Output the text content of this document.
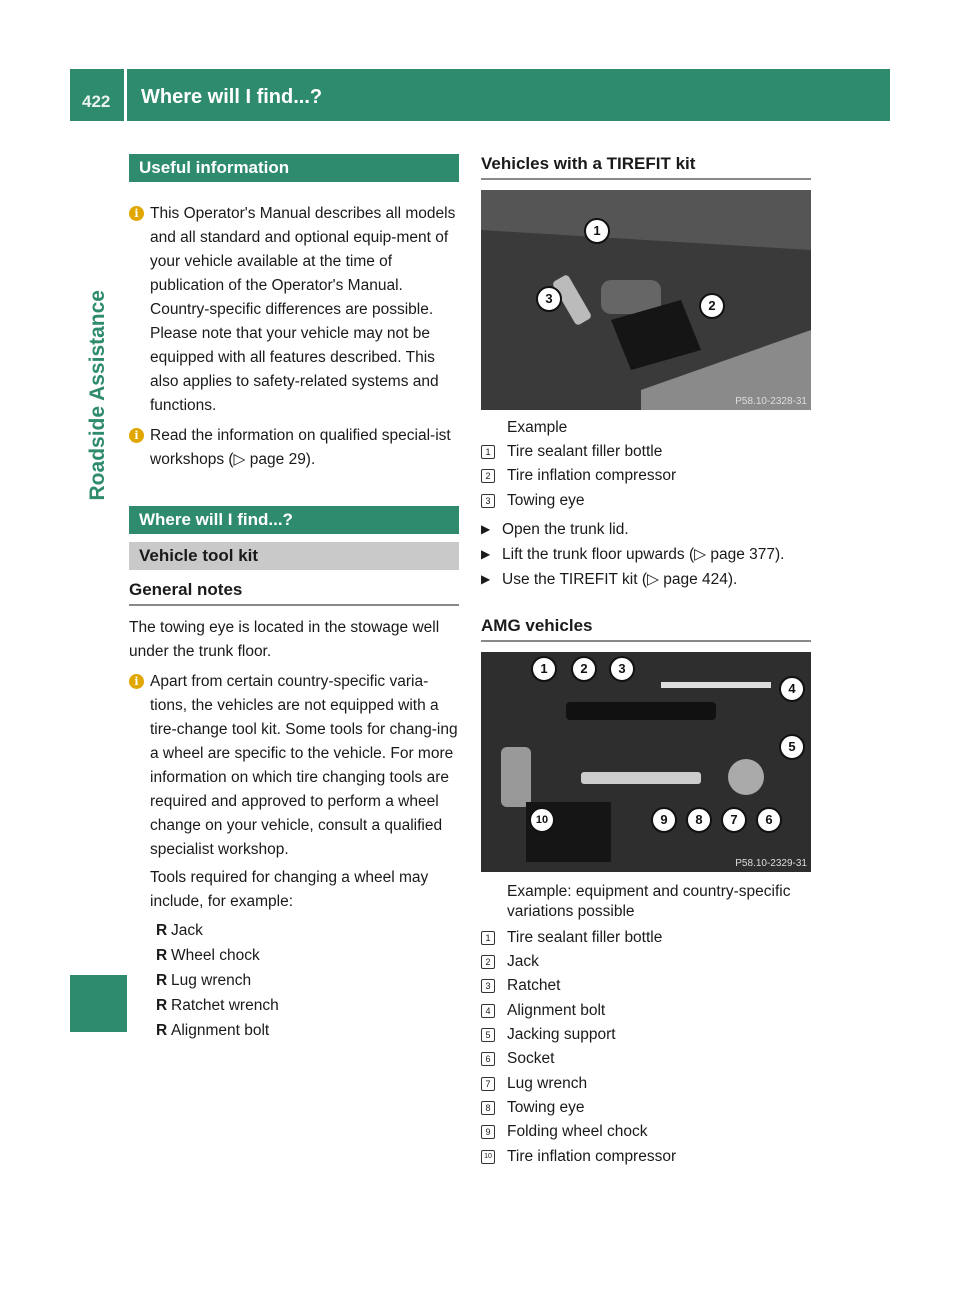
422 Where will I find...?
Roadside Assistance
Useful information

i This Operator's Manual describes all models and all standard and optional equip-ment of your vehicle available at the time of publication of the Operator's Manual. Country-specific differences are possible. Please note that your vehicle may not be equipped with all features described. This also applies to safety-related systems and functions.

i Read the information on qualified special-ist workshops (▷ page 29).

Where will I find...?
Vehicle tool kit
General notes

The towing eye is located in the stowage well under the trunk floor.

i Apart from certain country-specific varia-tions, the vehicles are not equipped with a tire-change tool kit. Some tools for chang-ing a wheel are specific to the vehicle. For more information on which tire changing tools are required and approved to perform a wheel change on your vehicle, consult a qualified specialist workshop.

Tools required for changing a wheel may include, for example:

R Jack
R Wheel chock
R Lug wrench
R Ratchet wrench
R Alignment bolt
Vehicles with a TIREFIT kit
1
2
3
P58.10-2328-31
Example
1 Tire sealant filler bottle
2 Tire inflation compressor
3 Towing eye
▶ Open the trunk lid.
▶ Lift the trunk floor upwards (▷ page 377).
▶ Use the TIREFIT kit (▷ page 424).
AMG vehicles
1	2	3
4
5
6
7
8
9
10
P58.10-2329-31
Example: equipment and country-specific variations possible
1 Tire sealant filler bottle
2 Jack
3 Ratchet
4 Alignment bolt
5 Jacking support
6 Socket
7 Lug wrench
8 Towing eye
9 Folding wheel chock
10 Tire inflation compressor
